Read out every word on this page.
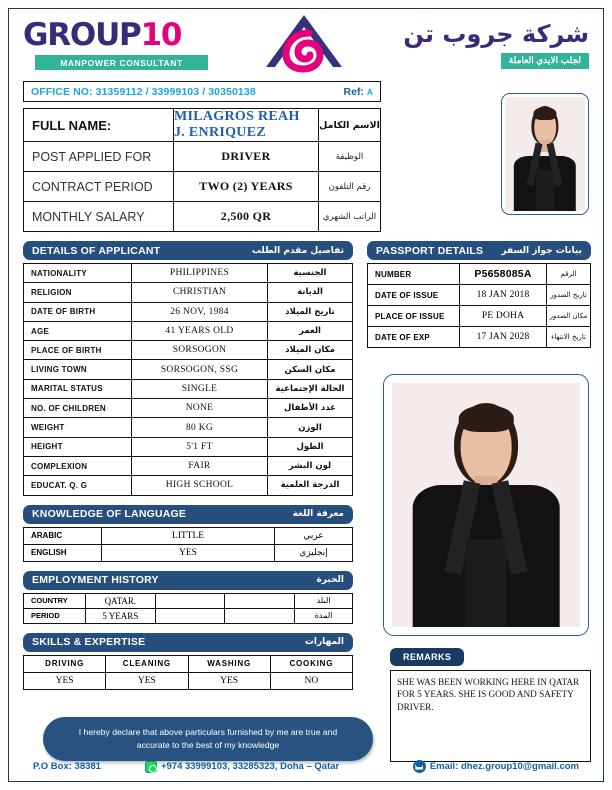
GROUP10
MANPOWER CONSULTANT
شركة جروب تن
لجلب الايدي العاملة
OFFICE NO: 31359112 / 33999103 / 30350138	Ref: A
FULL NAME:	MILAGROS REAH J. ENRIQUEZ	الاسم الكامل
POST APPLIED FOR	DRIVER	الوظيفة
CONTRACT PERIOD	TWO (2) YEARS	رقم التلفون
MONTHLY SALARY	2,500 QR	الراتب الشهري
DETAILS OF APPLICANT	تفاصيل مقدم الطلب
NATIONALITY	PHILIPPINES	الجنسية
RELIGION	CHRISTIAN	الديانة
DATE OF BIRTH	26 NOV, 1984	تاريخ الميلاد
AGE	41 YEARS OLD	العمر
PLACE OF BIRTH	SORSOGON	مكان الميلاد
LIVING TOWN	SORSOGON, SSG	مكان السكن
MARITAL STATUS	SINGLE	الحالة الإجتماعية
NO. OF CHILDREN	NONE	عدد الأطفال
WEIGHT	80 KG	الوزن
HEIGHT	5'1 FT	الطول
COMPLEXION	FAIR	لون البشر
EDUCAT. Q. G	HIGH SCHOOL	الدرجة العلمية
KNOWLEDGE OF LANGUAGE	معرفة اللغة
ARABIC	LITTLE	عربي
ENGLISH	YES	إنجليزي
EMPLOYMENT HISTORY	الخبرة
COUNTRY	QATAR.			البلد
PERIOD	5 YEARS			المدة
SKILLS & EXPERTISE	المهارات
DRIVING	CLEANING	WASHING	COOKING
YES	YES	YES	NO
PASSPORT DETAILS بيانات جواز السفر
NUMBER	P5658085A	الرقم
DATE OF ISSUE	18 JAN 2018	تاريخ الصدور
PLACE OF ISSUE	PE DOHA	مكان الصدور
DATE OF EXP	17 JAN 2028	تاريخ الانتهاء
REMARKS
SHE WAS BEEN WORKING HERE IN QATAR FOR 5 YEARS. SHE IS GOOD AND SAFETY DRIVER.
I hereby declare that above particulars furnished by me are true and accurate to the best of my knowledge
P.O Box: 38381	+974 33999103, 33285323, Doha – Qatar	Email: dhez.group10@gmail.com
